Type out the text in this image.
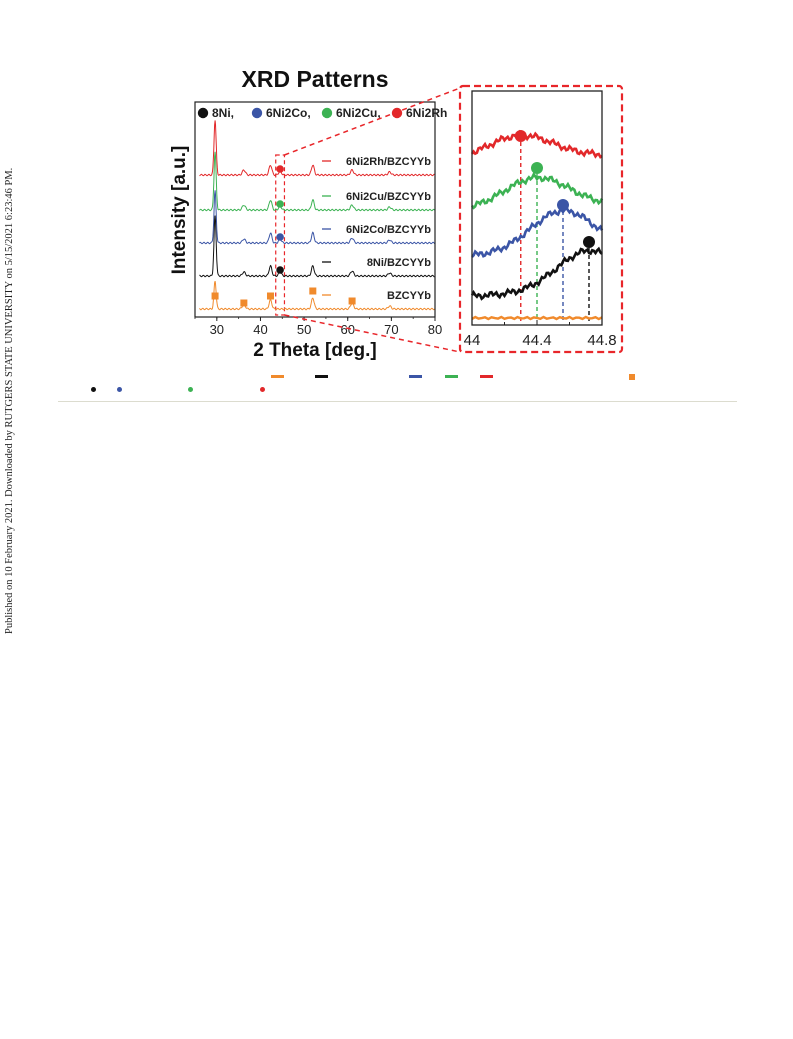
Published on 10 February 2021. Downloaded by RUTGERS STATE UNIVERSITY on 5/15/2021 6:23:46 PM.
XRD Patterns
6Ni2Rh/BZCYYb
6Ni2Cu/BZCYYb
6Ni2Co/BZCYYb
8Ni/BZCYYb
BZCYYb
8Ni,	6Ni2Co, 6Ni2Cu, 6Ni2Rh
30 40 50 60 70 80
2 Theta [deg.]
Intensity [a.u.]
44	44.4 44.8
